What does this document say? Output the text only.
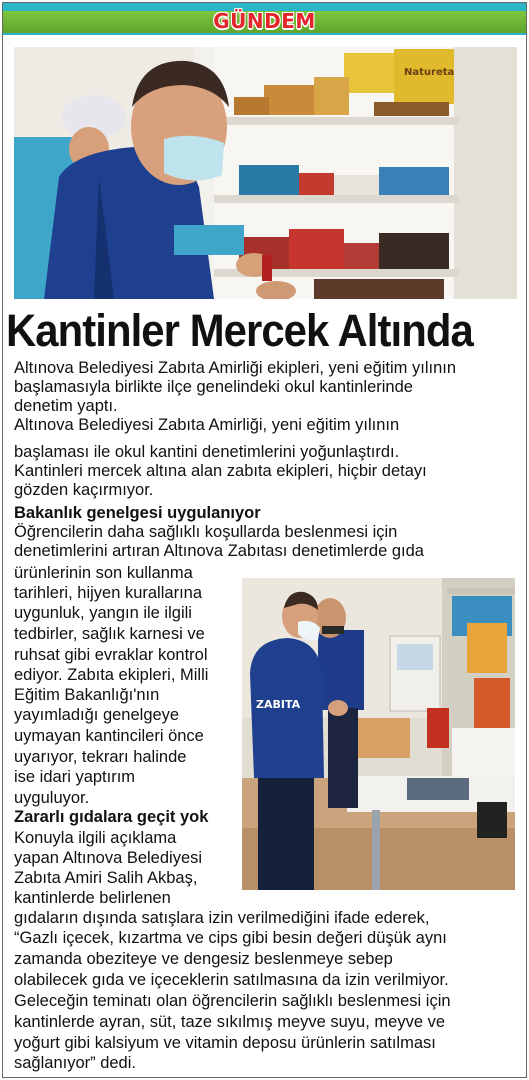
GÜNDEM
Natureta
Kantinler Mercek Altında

Altınova Belediyesi Zabıta Amirliği ekipleri, yeni eğitim yılının

başlamasıyla birlikte ilçe genelindeki okul kantinlerinde

denetim yaptı.

Altınova Belediyesi Zabıta Amirliği, yeni eğitim yılının

başlaması ile okul kantini denetimlerini yoğunlaştırdı.

Kantinleri mercek altına alan zabıta ekipleri, hiçbir detayı

gözden kaçırmıyor.

Bakanlık genelgesi uygulanıyor

Öğrencilerin daha sağlıklı koşullarda beslenmesi için

denetimlerini artıran Altınova Zabıtası denetimlerde gıda

ürünlerinin son kullanma

tarihleri, hijyen kurallarına

uygunluk, yangın ile ilgili

tedbirler, sağlık karnesi ve

ruhsat gibi evraklar kontrol

ediyor. Zabıta ekipleri, Milli

Eğitim Bakanlığı'nın

yayımladığı genelgeye

uymayan kantincileri önce

uyarıyor, tekrarı halinde

ise idari yaptırım

uyguluyor.

ZABITA

Zararlı gıdalara geçit yok

Konuyla ilgili açıklama

yapan Altınova Belediyesi

Zabıta Amiri Salih Akbaş,

kantinlerde belirlenen

gıdaların dışında satışlara izin verilmediğini ifade ederek,

“Gazlı içecek, kızartma ve cips gibi besin değeri düşük aynı

zamanda obeziteye ve dengesiz beslenmeye sebep

olabilecek gıda ve içeceklerin satılmasına da izin verilmiyor.

Geleceğin teminatı olan öğrencilerin sağlıklı beslenmesi için

kantinlerde ayran, süt, taze sıkılmış meyve suyu, meyve ve

yoğurt gibi kalsiyum ve vitamin deposu ürünlerin satılması

sağlanıyor” dedi.
